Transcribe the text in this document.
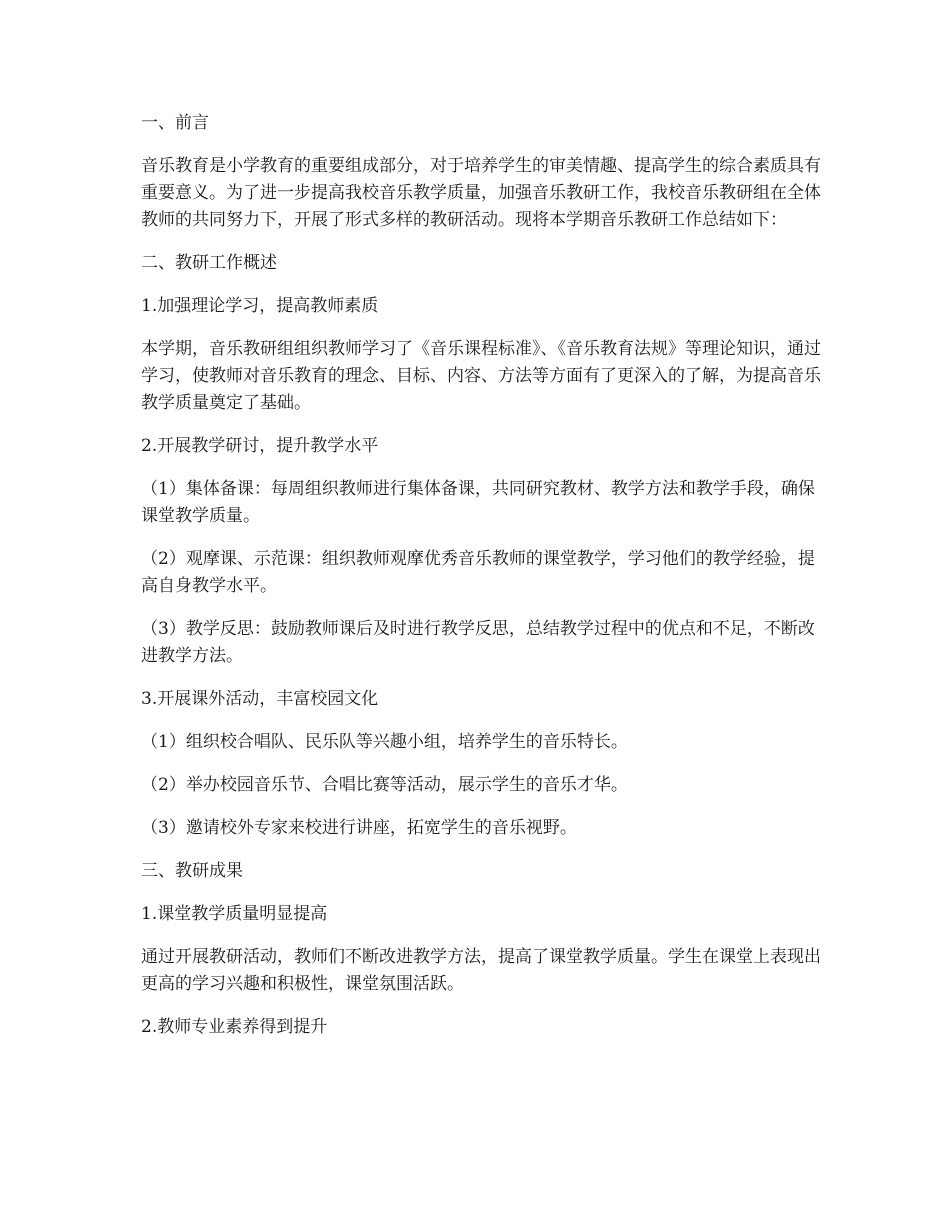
一、前言

音乐教育是小学教育的重要组成部分，对于培养学生的审美情趣、提高学生的综合素质具有重要意义。为了进一步提高我校音乐教学质量，加强音乐教研工作，我校音乐教研组在全体教师的共同努力下，开展了形式多样的教研活动。现将本学期音乐教研工作总结如下：

二、教研工作概述

1.加强理论学习，提高教师素质

本学期，音乐教研组组织教师学习了《音乐课程标准》、《音乐教育法规》等理论知识，通过学习，使教师对音乐教育的理念、目标、内容、方法等方面有了更深入的了解，为提高音乐教学质量奠定了基础。

2.开展教学研讨，提升教学水平

（1）集体备课：每周组织教师进行集体备课，共同研究教材、教学方法和教学手段，确保课堂教学质量。

（2）观摩课、示范课：组织教师观摩优秀音乐教师的课堂教学，学习他们的教学经验，提高自身教学水平。

（3）教学反思：鼓励教师课后及时进行教学反思，总结教学过程中的优点和不足，不断改进教学方法。

3.开展课外活动，丰富校园文化

（1）组织校合唱队、民乐队等兴趣小组，培养学生的音乐特长。

（2）举办校园音乐节、合唱比赛等活动，展示学生的音乐才华。

（3）邀请校外专家来校进行讲座，拓宽学生的音乐视野。

三、教研成果

1.课堂教学质量明显提高

通过开展教研活动，教师们不断改进教学方法，提高了课堂教学质量。学生在课堂上表现出更高的学习兴趣和积极性，课堂氛围活跃。

2.教师专业素养得到提升
